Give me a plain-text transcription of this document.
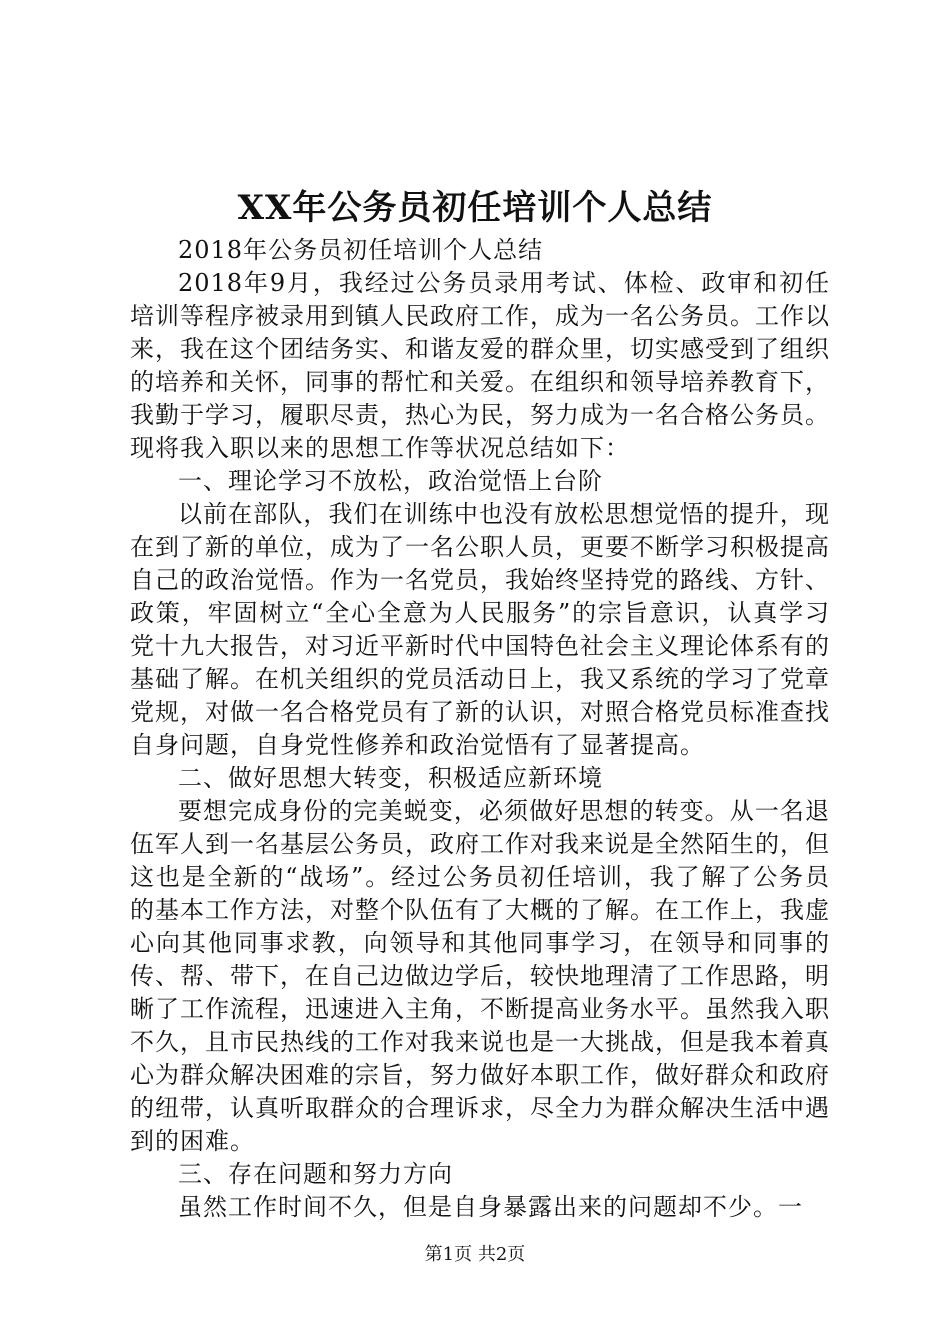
XX年公务员初任培训个人总结

2018年公务员初任培训个人总结

2018年9月，我经过公务员录用考试、体检、政审和初任培训等程序被录用到镇人民政府工作，成为一名公务员。工作以来，我在这个团结务实、和谐友爱的群众里，切实感受到了组织的培养和关怀，同事的帮忙和关爱。在组织和领导培养教育下，我勤于学习，履职尽责，热心为民，努力成为一名合格公务员。现将我入职以来的思想工作等状况总结如下：

一、理论学习不放松，政治觉悟上台阶

以前在部队，我们在训练中也没有放松思想觉悟的提升，现在到了新的单位，成为了一名公职人员，更要不断学习积极提高自己的政治觉悟。作为一名党员，我始终坚持党的路线、方针、政策，牢固树立“全心全意为人民服务”的宗旨意识，认真学习党十九大报告，对习近平新时代中国特色社会主义理论体系有的基础了解。在机关组织的党员活动日上，我又系统的学习了党章党规，对做一名合格党员有了新的认识，对照合格党员标准查找自身问题，自身党性修养和政治觉悟有了显著提高。

二、做好思想大转变，积极适应新环境

要想完成身份的完美蜕变，必须做好思想的转变。从一名退伍军人到一名基层公务员，政府工作对我来说是全然陌生的，但这也是全新的“战场”。经过公务员初任培训，我了解了公务员的基本工作方法，对整个队伍有了大概的了解。在工作上，我虚心向其他同事求教，向领导和其他同事学习，在领导和同事的传、帮、带下，在自己边做边学后，较快地理清了工作思路，明晰了工作流程，迅速进入主角，不断提高业务水平。虽然我入职不久，且市民热线的工作对我来说也是一大挑战，但是我本着真心为群众解决困难的宗旨，努力做好本职工作，做好群众和政府的纽带，认真听取群众的合理诉求，尽全力为群众解决生活中遇到的困难。

三、存在问题和努力方向

虽然工作时间不久，但是自身暴露出来的问题却不少。一

第1页 共2页
